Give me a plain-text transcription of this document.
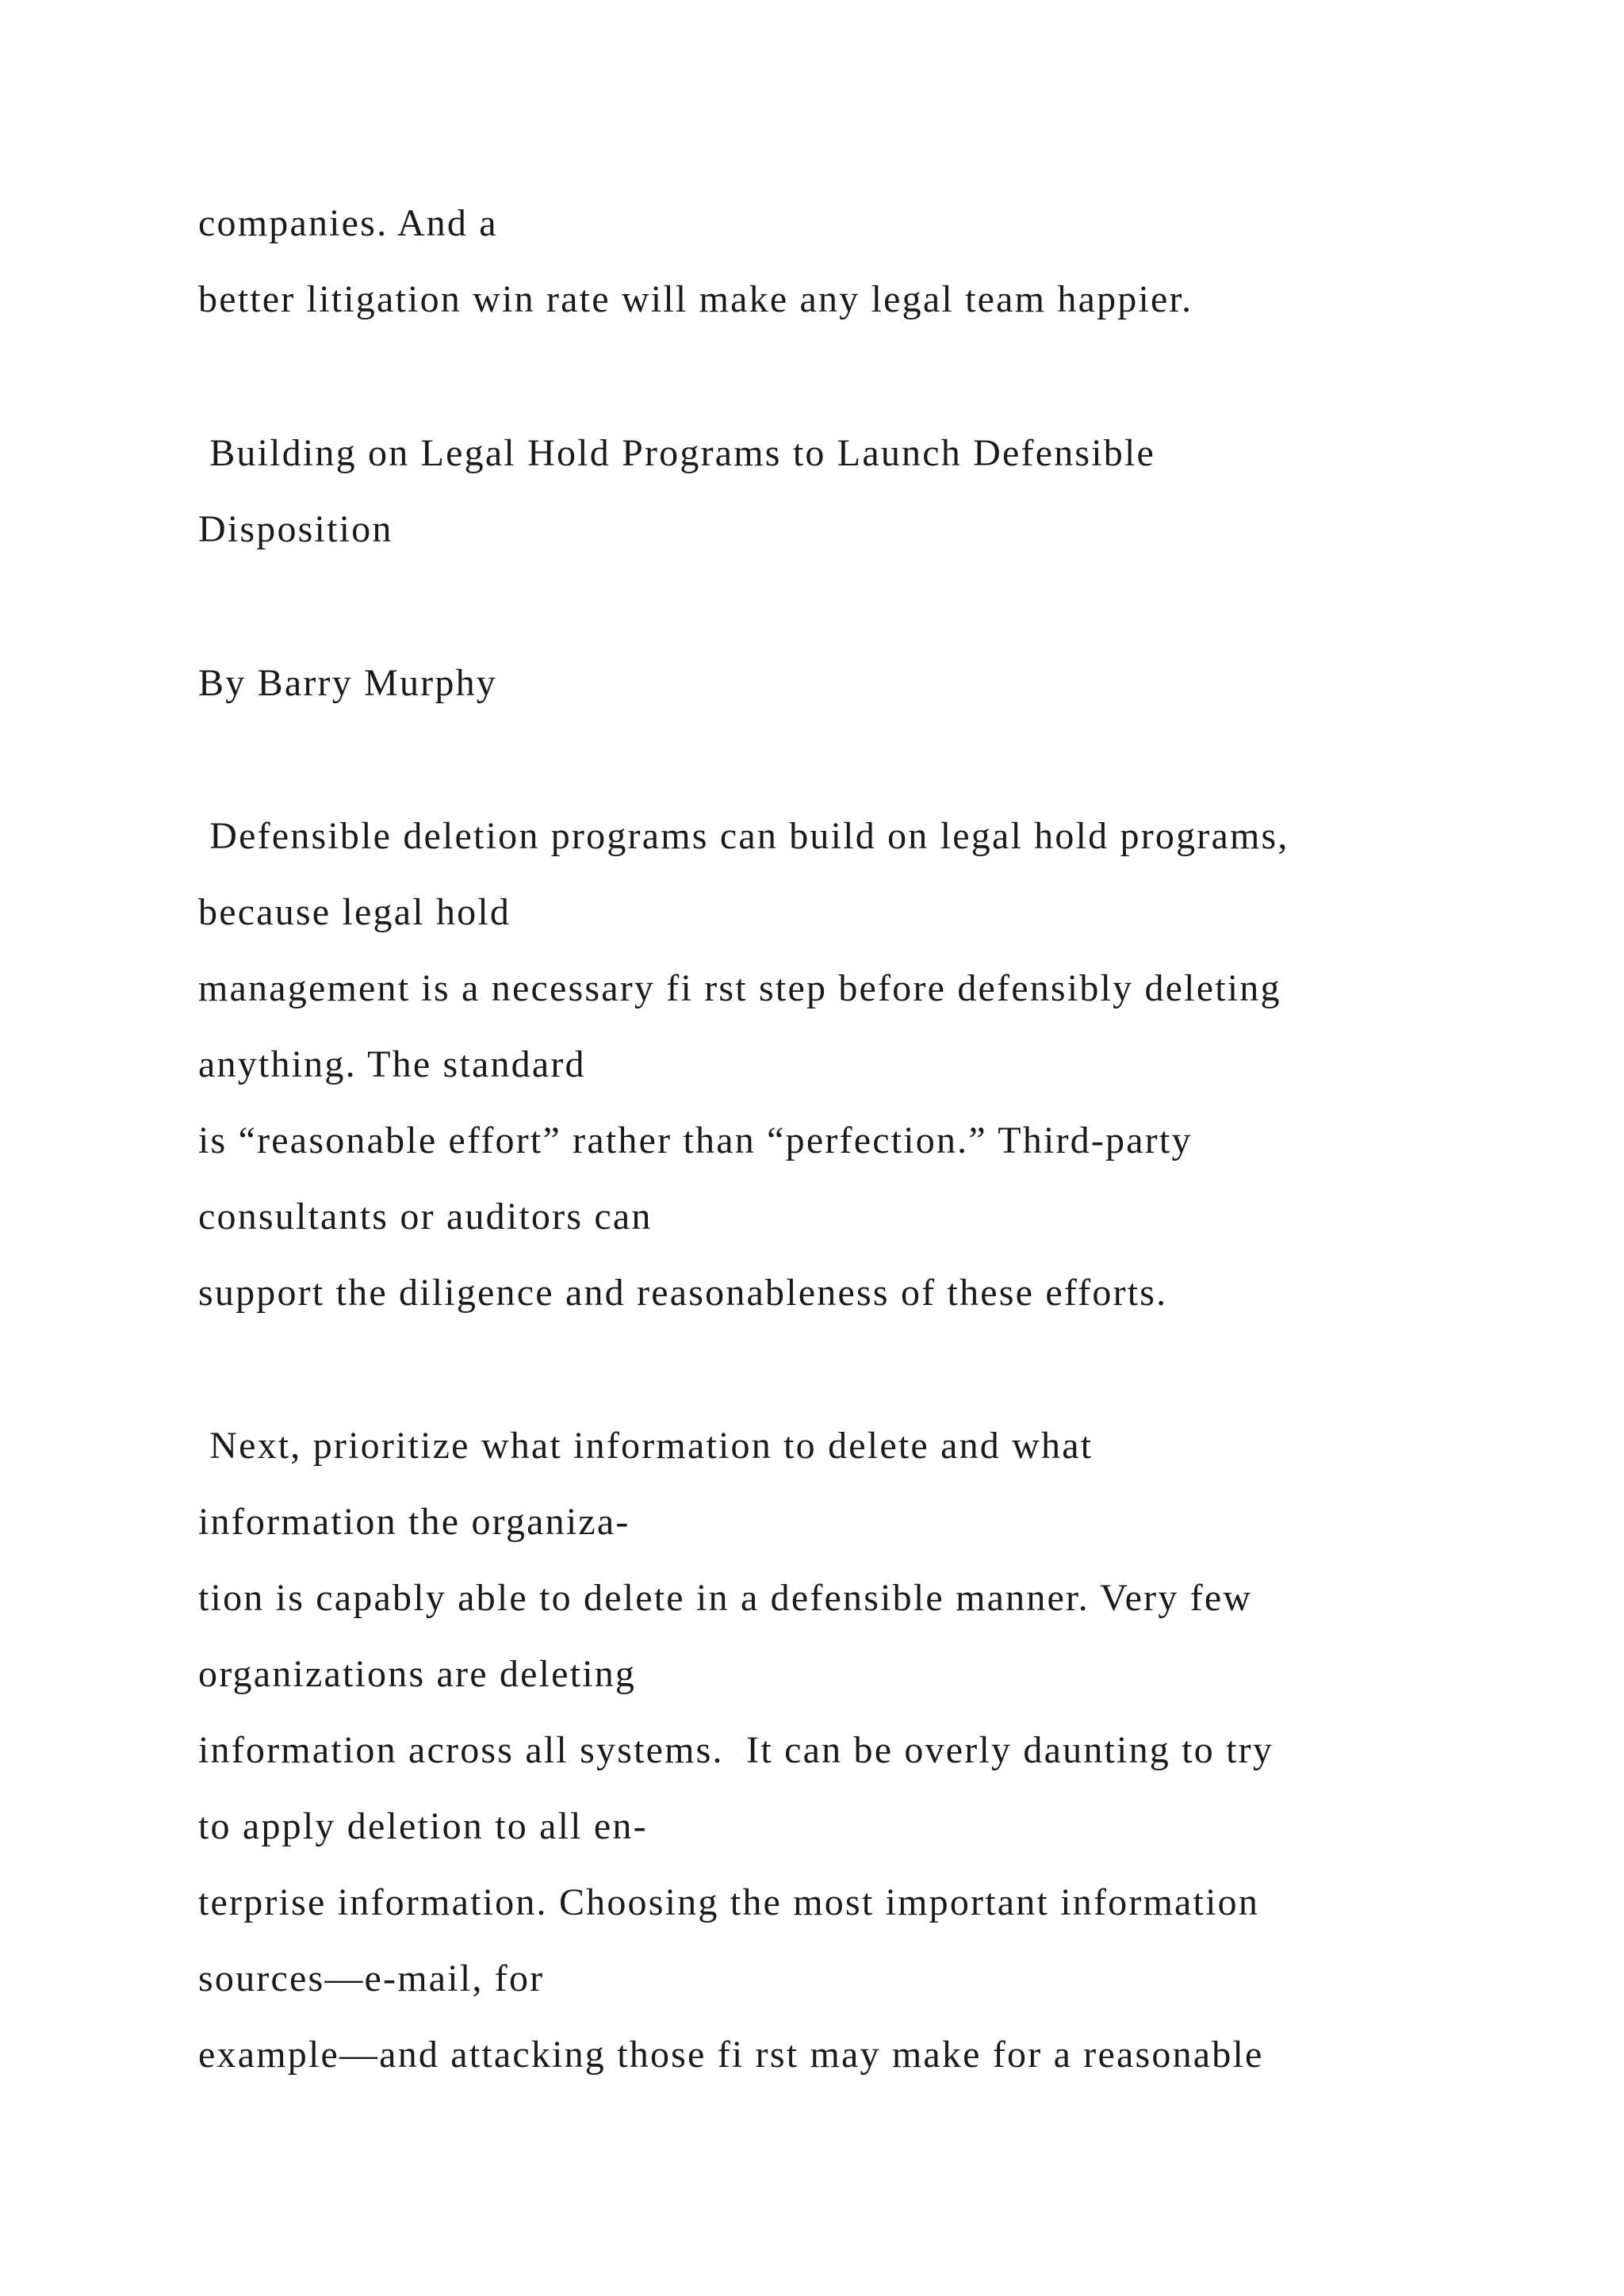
companies. And a

better litigation win rate will make any legal team happier.

Building on Legal Hold Programs to Launch Defensible

Disposition

By Barry Murphy

Defensible deletion programs can build on legal hold programs,

because legal hold

management is a necessary fi rst step before defensibly deleting

anything. The standard

is “reasonable effort” rather than “perfection.” Third-party

consultants or auditors can

support the diligence and reasonableness of these efforts.

Next, prioritize what information to delete and what

information the organiza-

tion is capably able to delete in a defensible manner. Very few

organizations are deleting

information across all systems.  It can be overly daunting to try

to apply deletion to all en-

terprise information. Choosing the most important information

sources—e-mail, for

example—and attacking those fi rst may make for a reasonable
